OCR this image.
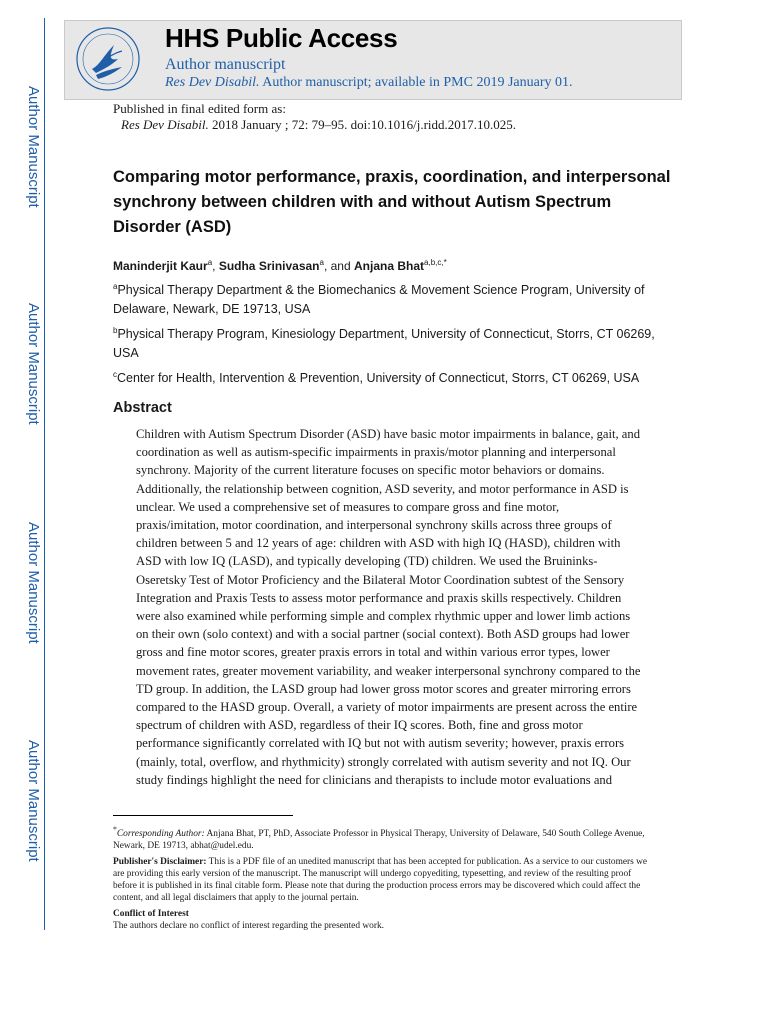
Author Manuscript
Author Manuscript
Author Manuscript
Author Manuscript
HHS Public Access
Author manuscript
Res Dev Disabil. Author manuscript; available in PMC 2019 January 01.
Published in final edited form as:
Res Dev Disabil. 2018 January ; 72: 79–95. doi:10.1016/j.ridd.2017.10.025.
Comparing motor performance, praxis, coordination, and interpersonal synchrony between children with and without Autism Spectrum Disorder (ASD)
Maninderjit Kaur$^a$, Sudha Srinivasan$^a$, and Anjana Bhat$^{a,b,c,*}$
$^a$Physical Therapy Department & the Biomechanics & Movement Science Program, University of Delaware, Newark, DE 19713, USA
$^b$Physical Therapy Program, Kinesiology Department, University of Connecticut, Storrs, CT 06269, USA
$^c$Center for Health, Intervention & Prevention, University of Connecticut, Storrs, CT 06269, USA
Abstract
Children with Autism Spectrum Disorder (ASD) have basic motor impairments in balance, gait, and coordination as well as autism-specific impairments in praxis/motor planning and interpersonal synchrony. Majority of the current literature focuses on specific motor behaviors or domains. Additionally, the relationship between cognition, ASD severity, and motor performance in ASD is unclear. We used a comprehensive set of measures to compare gross and fine motor, praxis/imitation, motor coordination, and interpersonal synchrony skills across three groups of children between 5 and 12 years of age: children with ASD with high IQ (HASD), children with ASD with low IQ (LASD), and typically developing (TD) children. We used the Bruininks-Oseretsky Test of Motor Proficiency and the Bilateral Motor Coordination subtest of the Sensory Integration and Praxis Tests to assess motor performance and praxis skills respectively. Children were also examined while performing simple and complex rhythmic upper and lower limb actions on their own (solo context) and with a social partner (social context). Both ASD groups had lower gross and fine motor scores, greater praxis errors in total and within various error types, lower movement rates, greater movement variability, and weaker interpersonal synchrony compared to the TD group. In addition, the LASD group had lower gross motor scores and greater mirroring errors compared to the HASD group. Overall, a variety of motor impairments are present across the entire spectrum of children with ASD, regardless of their IQ scores. Both, fine and gross motor performance significantly correlated with IQ but not with autism severity; however, praxis errors (mainly, total, overflow, and rhythmicity) strongly correlated with autism severity and not IQ. Our study findings highlight the need for clinicians and therapists to include motor evaluations and

*Corresponding Author: Anjana Bhat, PT, PhD, Associate Professor in Physical Therapy, University of Delaware, 540 South College Avenue, Newark, DE 19713, abhat@udel.edu.

Publisher's Disclaimer: This is a PDF file of an unedited manuscript that has been accepted for publication. As a service to our customers we are providing this early version of the manuscript. The manuscript will undergo copyediting, typesetting, and review of the resulting proof before it is published in its final citable form. Please note that during the production process errors may be discovered which could affect the content, and all legal disclaimers that apply to the journal pertain.

Conflict of Interest

The authors declare no conflict of interest regarding the presented work.
